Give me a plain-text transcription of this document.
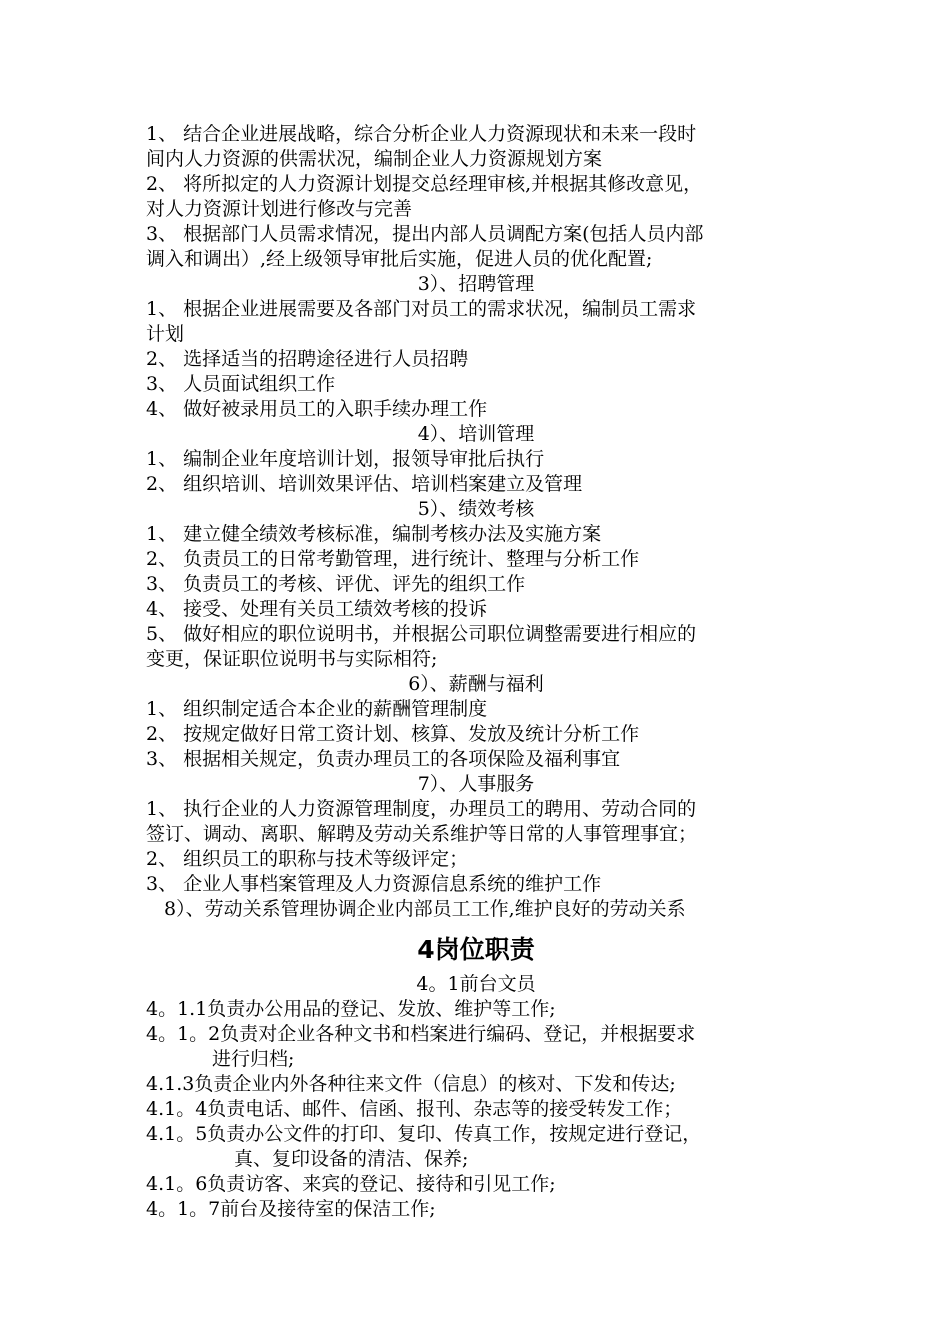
1、 结合企业进展战略，综合分析企业人力资源现状和未来一段时
间内人力资源的供需状况，编制企业人力资源规划方案
2、 将所拟定的人力资源计划提交总经理审核,并根据其修改意见，
对人力资源计划进行修改与完善
3、 根据部门人员需求情况，提出内部人员调配方案(包括人员内部
调入和调出）,经上级领导审批后实施，促进人员的优化配置;
3）、招聘管理
1、 根据企业进展需要及各部门对员工的需求状况，编制员工需求
计划
2、 选择适当的招聘途径进行人员招聘
3、 人员面试组织工作
4、 做好被录用员工的入职手续办理工作
4）、培训管理
1、 编制企业年度培训计划，报领导审批后执行
2、 组织培训、培训效果评估、培训档案建立及管理
5）、绩效考核
1、 建立健全绩效考核标准，编制考核办法及实施方案
2、 负责员工的日常考勤管理，进行统计、整理与分析工作
3、 负责员工的考核、评优、评先的组织工作
4、 接受、处理有关员工绩效考核的投诉
5、 做好相应的职位说明书，并根据公司职位调整需要进行相应的
变更，保证职位说明书与实际相符;
6）、薪酬与福利
1、 组织制定适合本企业的薪酬管理制度
2、 按规定做好日常工资计划、核算、发放及统计分析工作
3、 根据相关规定，负责办理员工的各项保险及福利事宜
7）、人事服务
1、 执行企业的人力资源管理制度，办理员工的聘用、劳动合同的
签订、调动、离职、解聘及劳动关系维护等日常的人事管理事宜；
2、 组织员工的职称与技术等级评定；
3、 企业人事档案管理及人力资源信息系统的维护工作
8）、劳动关系管理协调企业内部员工工作,维护良好的劳动关系
4岗位职责
4。1前台文员
4。1.1负责办公用品的登记、发放、维护等工作;
4。1。2负责对企业各种文书和档案进行编码、登记，并根据要求
进行归档;
4.1.3负责企业内外各种往来文件（信息）的核对、下发和传达;
4.1。4负责电话、邮件、信函、报刊、杂志等的接受转发工作；
4.1。5负责办公文件的打印、复印、传真工作，按规定进行登记，
真、复印设备的清洁、保养;
4.1。6负责访客、来宾的登记、接待和引见工作;
4。1。7前台及接待室的保洁工作;
